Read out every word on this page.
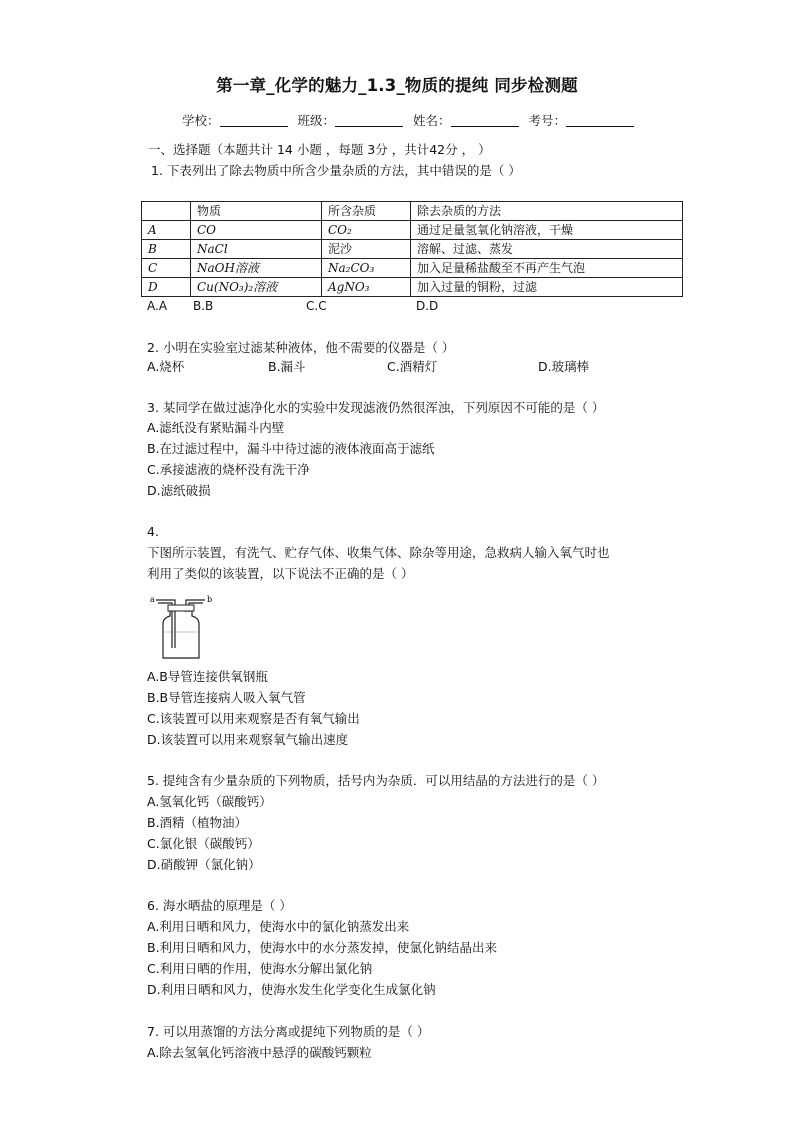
第一章_化学的魅力_1.3_物质的提纯 同步检测题
学校：	班级：	姓名：	考号：
一、选择题（本题共计 14 小题 ，每题 3分 ，共计42分 ， ）
1. 下表列出了除去物质中所含少量杂质的方法，其中错误的是（ ）
	物质	所含杂质	除去杂质的方法
A	CO	CO₂	通过足量氢氧化钠溶液，干燥
B	NaCl	泥沙	溶解、过滤、蒸发
C	NaOH溶液	Na₂CO₃	加入足量稀盐酸至不再产生气泡
D	Cu(NO₃)₂溶液	AgNO₃	加入过量的铜粉，过滤
A.A B.B	C.C	D.D
2. 小明在实验室过滤某种液体，他不需要的仪器是（ ）
A.烧杯	B.漏斗	C.酒精灯	D.玻璃棒
3. 某同学在做过滤净化水的实验中发现滤液仍然很浑浊，下列原因不可能的是（ ）
A.滤纸没有紧贴漏斗内壁
B.在过滤过程中，漏斗中待过滤的液体液面高于滤纸
C.承接滤液的烧杯没有洗干净
D.滤纸破损
4.
下图所示装置，有洗气、贮存气体、收集气体、除杂等用途，急救病人输入氧气时也
利用了类似的该装置，以下说法不正确的是（ ）
a	b
A.B导管连接供氧钢瓶
B.B导管连接病人吸入氧气管
C.该装置可以用来观察是否有氧气输出
D.该装置可以用来观察氧气输出速度
5. 提纯含有少量杂质的下列物质，括号内为杂质．可以用结晶的方法进行的是（ ）
A.氢氧化钙（碳酸钙）
B.酒精（植物油）
C.氯化银（碳酸钙）
D.硝酸钾（氯化钠）
6. 海水晒盐的原理是（ ）
A.利用日晒和风力，使海水中的氯化钠蒸发出来
B.利用日晒和风力，使海水中的水分蒸发掉，使氯化钠结晶出来
C.利用日晒的作用，使海水分解出氯化钠
D.利用日晒和风力，使海水发生化学变化生成氯化钠
7. 可以用蒸馏的方法分离或提纯下列物质的是（ ）
A.除去氢氧化钙溶液中悬浮的碳酸钙颗粒
